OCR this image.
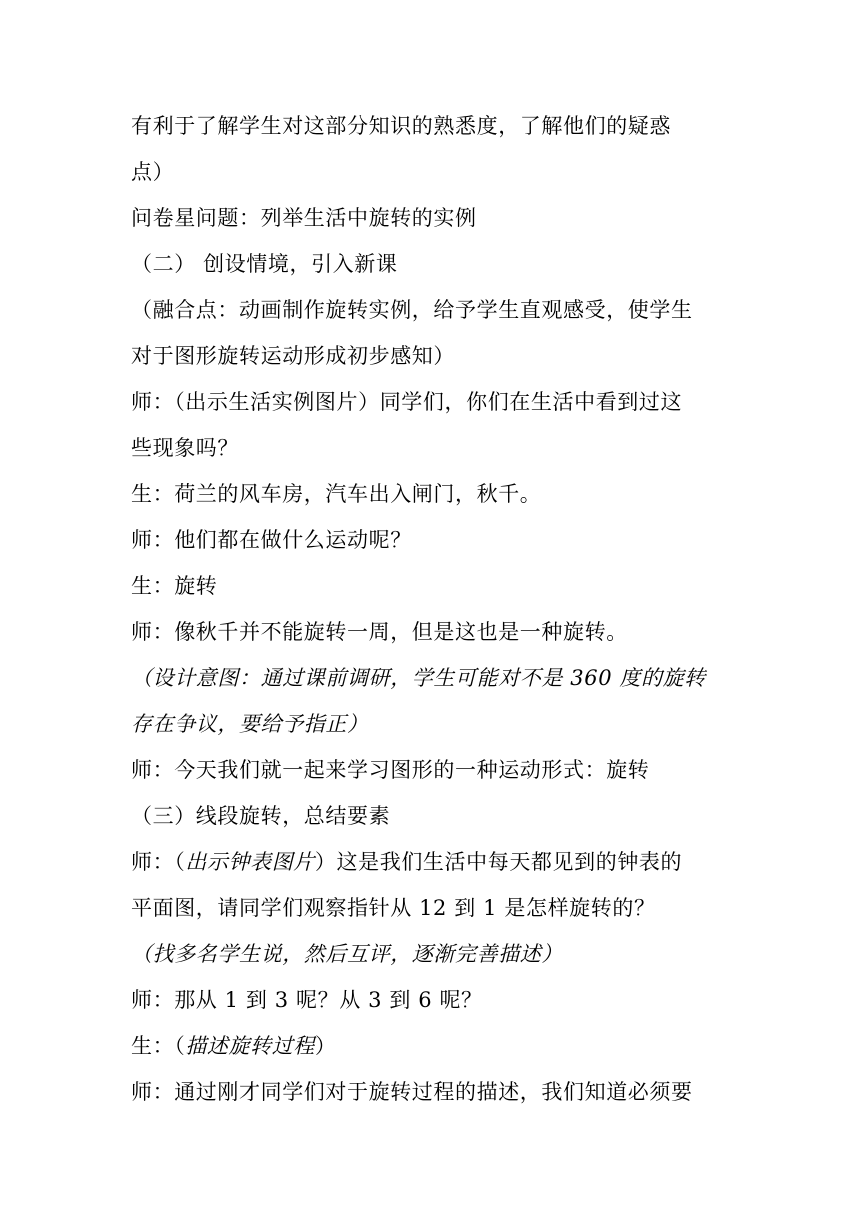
有利于了解学生对这部分知识的熟悉度，了解他们的疑惑
点）
问卷星问题：列举生活中旋转的实例
（二） 创设情境，引入新课
（融合点：动画制作旋转实例，给予学生直观感受，使学生
对于图形旋转运动形成初步感知）
师：（出示生活实例图片）同学们，你们在生活中看到过这
些现象吗？
生：荷兰的风车房，汽车出入闸门，秋千。
师：他们都在做什么运动呢？
生：旋转
师：像秋千并不能旋转一周，但是这也是一种旋转。
（设计意图：通过课前调研，学生可能对不是 360 度的旋转
存在争议，要给予指正）
师：今天我们就一起来学习图形的一种运动形式：旋转
（三）线段旋转，总结要素
师：（出示钟表图片）这是我们生活中每天都见到的钟表的
平面图，请同学们观察指针从 12 到 1 是怎样旋转的？
（找多名学生说，然后互评，逐渐完善描述）
师：那从 1 到 3 呢？从 3 到 6 呢？
生：（描述旋转过程）
师：通过刚才同学们对于旋转过程的描述，我们知道必须要
